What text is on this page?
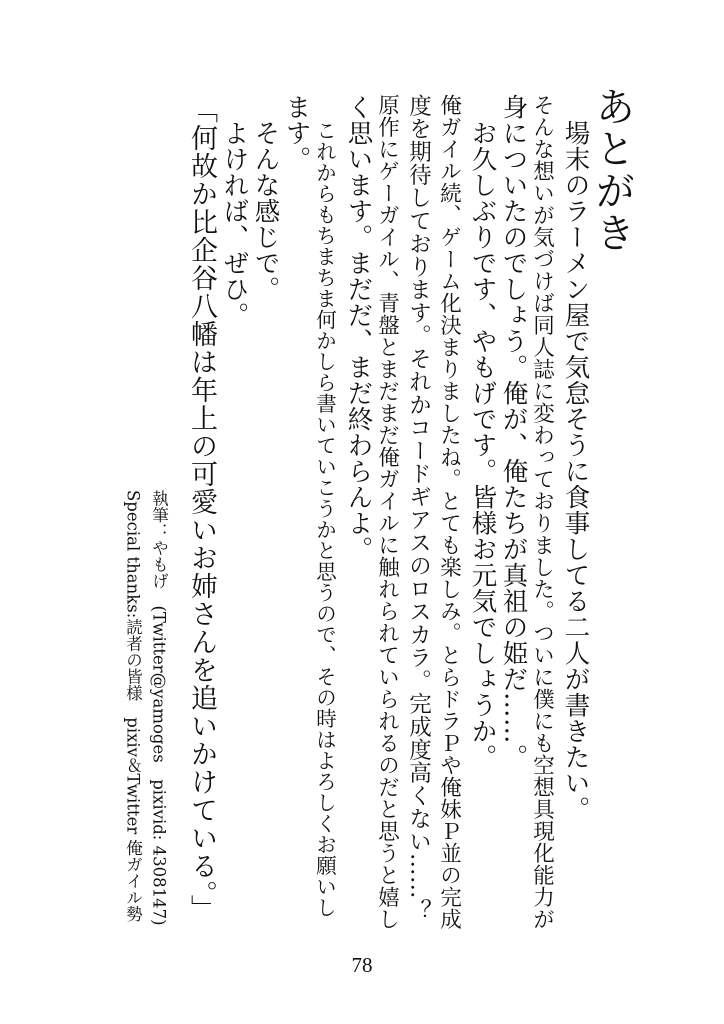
あとがき
場末のラーメン屋で気怠そうに食事してる二人が書きたい。
そんな想いが気づけば同人誌に変わっておりました。ついに僕にも空想具現化能力が
身についたのでしょう。俺が、俺たちが真祖の姫だ……。
お久しぶりです、やもげです。皆様お元気でしょうか。
俺ガイル続、ゲーム化決まりましたね。とても楽しみ。とらドラＰや俺妹Ｐ並の完成
度を期待しております。それかコードギアスのロスカラ。完成度高くない……？
原作にゲーガイル、青盤とまだまだ俺ガイルに触れられていられるのだと思うと嬉し
く思います。まだだ、まだ終わらんよ。
これからもちまちま何かしら書いていこうかと思うので、その時はよろしくお願いし
ます。
そんな感じで。
よければ、ぜひ。
「何故か比企谷八幡は年上の可愛いお姉さんを追いかけている。」
執筆：やもげ　(Twitter@yamoges　pixivid: 4308147)
Special thanks:読者の皆様　pixiv＆Twitter 俺ガイル勢
78
